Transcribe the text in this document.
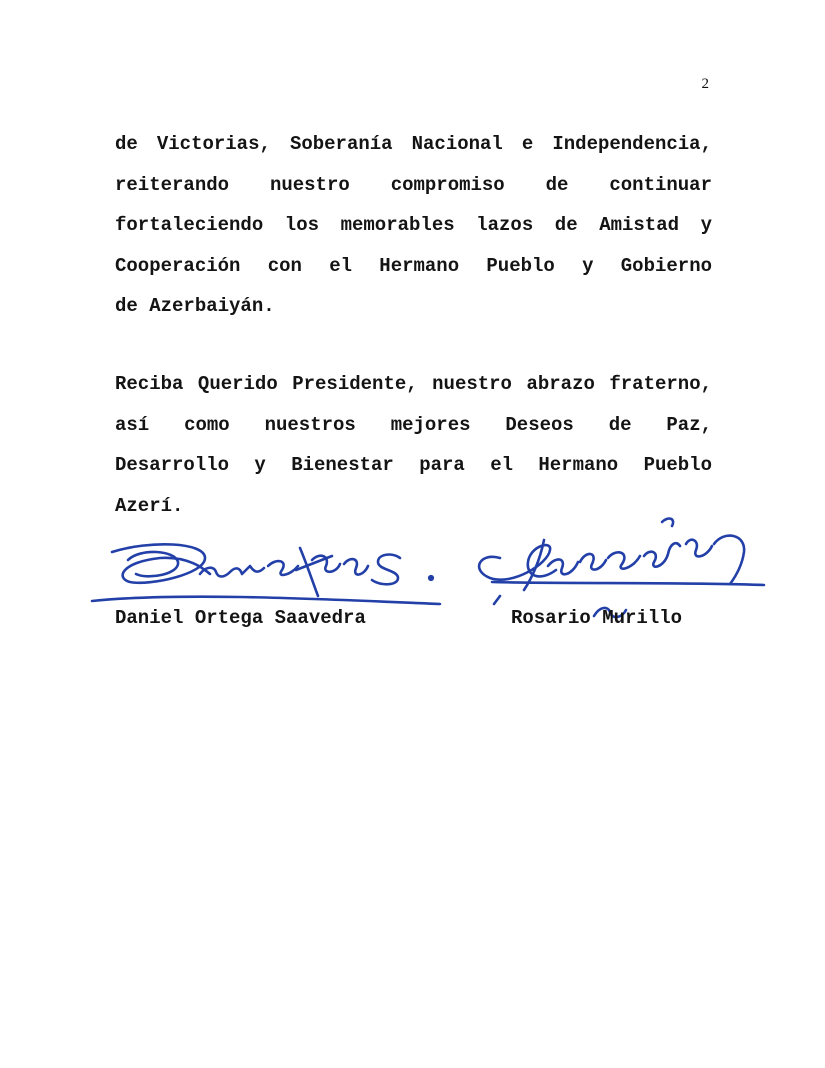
2
de Victorias, Soberanía Nacional e Independencia,
reiterando nuestro compromiso de continuar
fortaleciendo los memorables lazos de Amistad y
Cooperación con el Hermano Pueblo y Gobierno
de Azerbaiyán.
Reciba Querido Presidente, nuestro abrazo fraterno,
así como nuestros mejores Deseos de Paz,
Desarrollo y Bienestar para el Hermano Pueblo
Azerí.
Daniel Ortega Saavedra	Rosario Murillo
